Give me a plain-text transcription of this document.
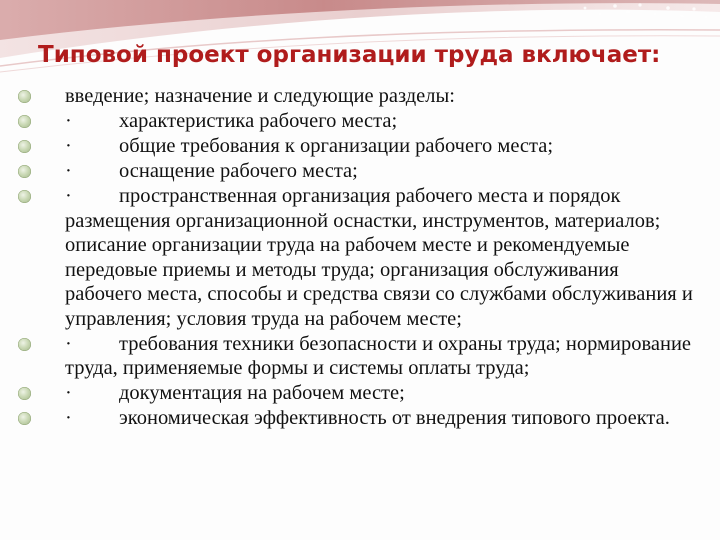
Типовой проект организации труда включает:
введение; назначение и следующие разделы:
· характеристика рабочего места;
· общие требования к организации рабочего места;
· оснащение рабочего места;
· пространственная организация рабочего места и порядок размещения организационной оснастки, инструментов, материалов; описание организации труда на рабочем месте и рекомендуемые передовые приемы и методы труда; организация обслуживания рабочего места, способы и средства связи со службами обслуживания и управления; условия труда на рабочем месте;
· требования техники безопасности и охраны труда; нормирование труда, применяемые формы и системы оплаты труда;
· документация на рабочем месте;
· экономическая эффективность от внедрения типового проекта.
